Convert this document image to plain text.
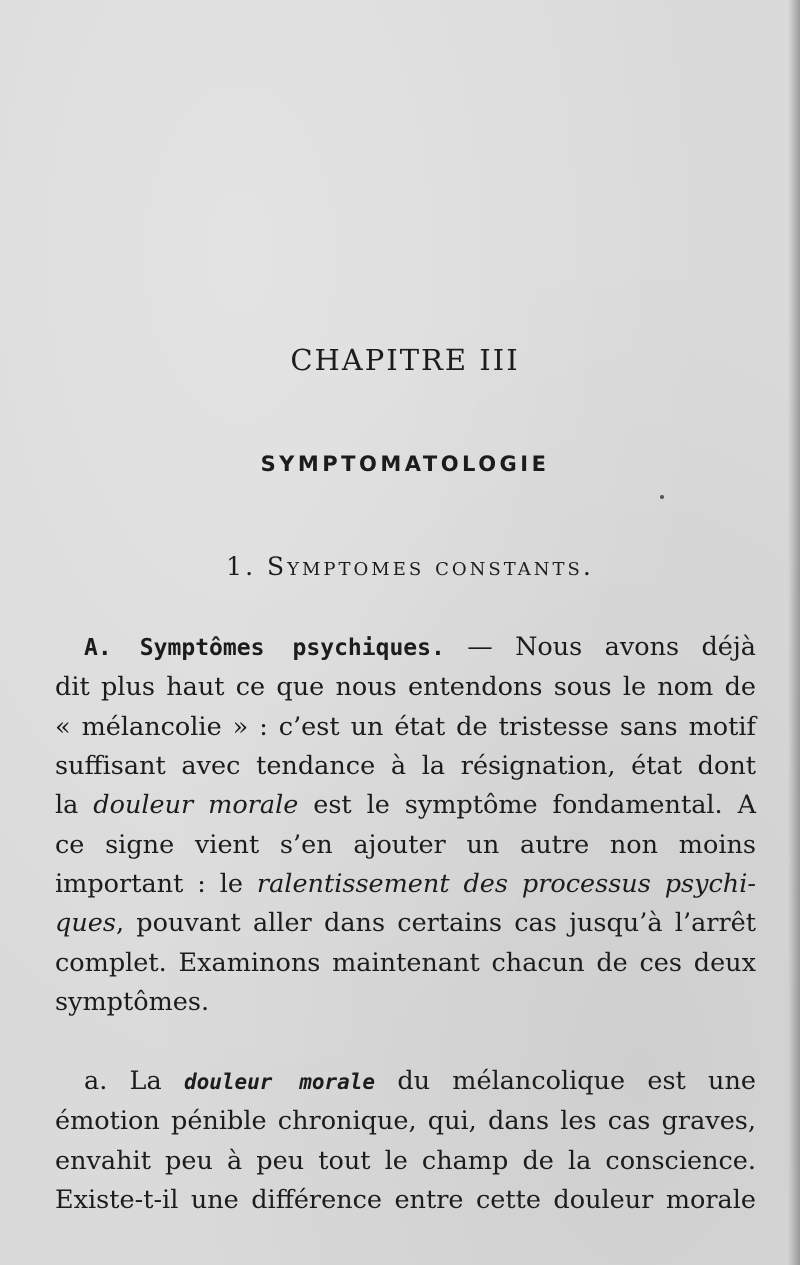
CHAPITRE III
SYMPTOMATOLOGIE
1. Symptomes constants.
A. Symptômes psychiques. — Nous avons déjà
dit plus haut ce que nous entendons sous le nom de
« mélancolie » : c’est un état de tristesse sans motif
suffisant avec tendance à la résignation, état dont
la douleur morale est le symptôme fondamental. A
ce signe vient s’en ajouter un autre non moins
important : le ralentissement des processus psychi-
ques, pouvant aller dans certains cas jusqu’à l’arrêt
complet. Examinons maintenant chacun de ces deux
symptômes.
a. La douleur morale du mélancolique est une
émotion pénible chronique, qui, dans les cas graves,
envahit peu à peu tout le champ de la conscience.
Existe-t-il une différence entre cette douleur morale
